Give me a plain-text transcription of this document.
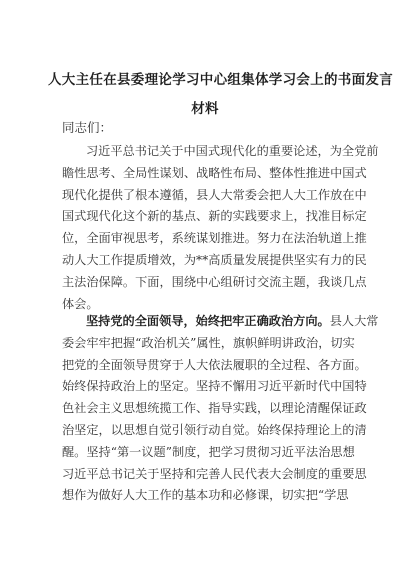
人大主任在县委理论学习中心组集体学习会上的书面发言
材料
同志们：
习近平总书记关于中国式现代化的重要论述，为全党前
瞻性思考、全局性谋划、战略性布局、整体性推进中国式
现代化提供了根本遵循，县人大常委会把人大工作放在中
国式现代化这个新的基点、新的实践要求上，找准目标定
位，全面审视思考，系统谋划推进。努力在法治轨道上推
动人大工作提质增效，为**高质量发展提供坚实有力的民
主法治保障。下面，围绕中心组研讨交流主题，我谈几点
体会。
坚持党的全面领导，始终把牢正确政治方向。县人大常
委会牢牢把握“政治机关”属性，旗帜鲜明讲政治，切实
把党的全面领导贯穿于人大依法履职的全过程、各方面。
始终保持政治上的坚定。坚持不懈用习近平新时代中国特
色社会主义思想统揽工作、指导实践，以理论清醒保证政
治坚定，以思想自觉引领行动自觉。始终保持理论上的清
醒。坚持“第一议题”制度，把学习贯彻习近平法治思想
习近平总书记关于坚持和完善人民代表大会制度的重要思
想作为做好人大工作的基本功和必修课，切实把“学思
